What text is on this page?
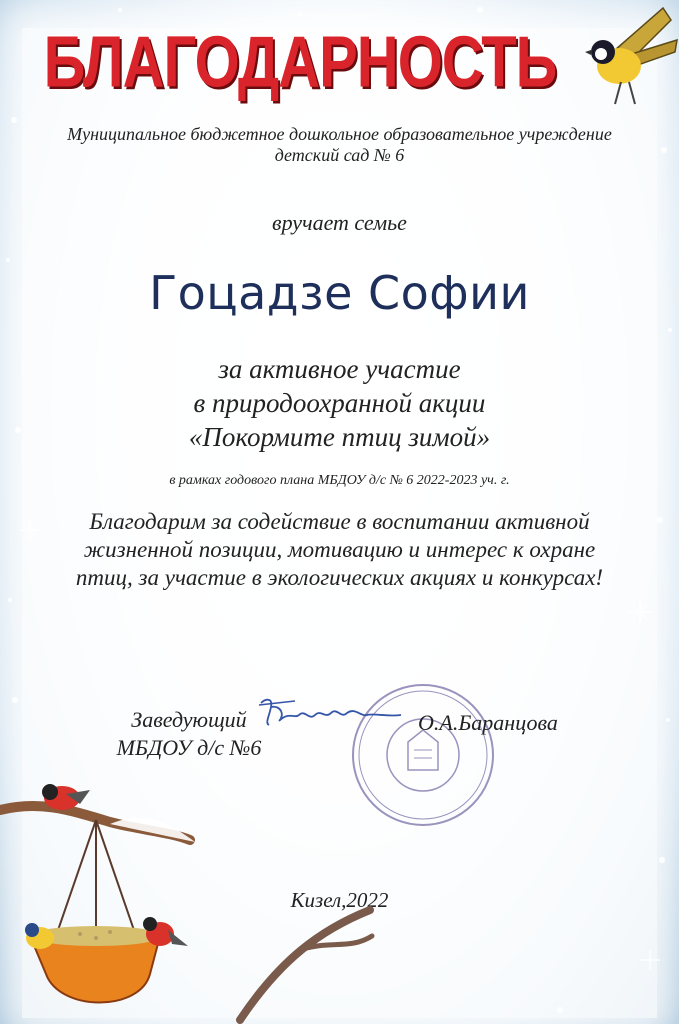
БЛАГОДАРНОСТЬ
Муниципальное бюджетное дошкольное образовательное учреждение
детский сад № 6
вручает семье
Гоцадзе Софии
за активное участие
в природоохранной акции
«Покормите птиц зимой»
в рамках годового плана МБДОУ д/с № 6 2022-2023 уч. г.
Благодарим за содействие в воспитании активной
жизненной позиции, мотивацию и интерес к охране
птиц, за участие в экологических акциях и конкурсах!
Заведующий
МБДОУ д/с №6
О.А.Баранцова
Кизел,2022
